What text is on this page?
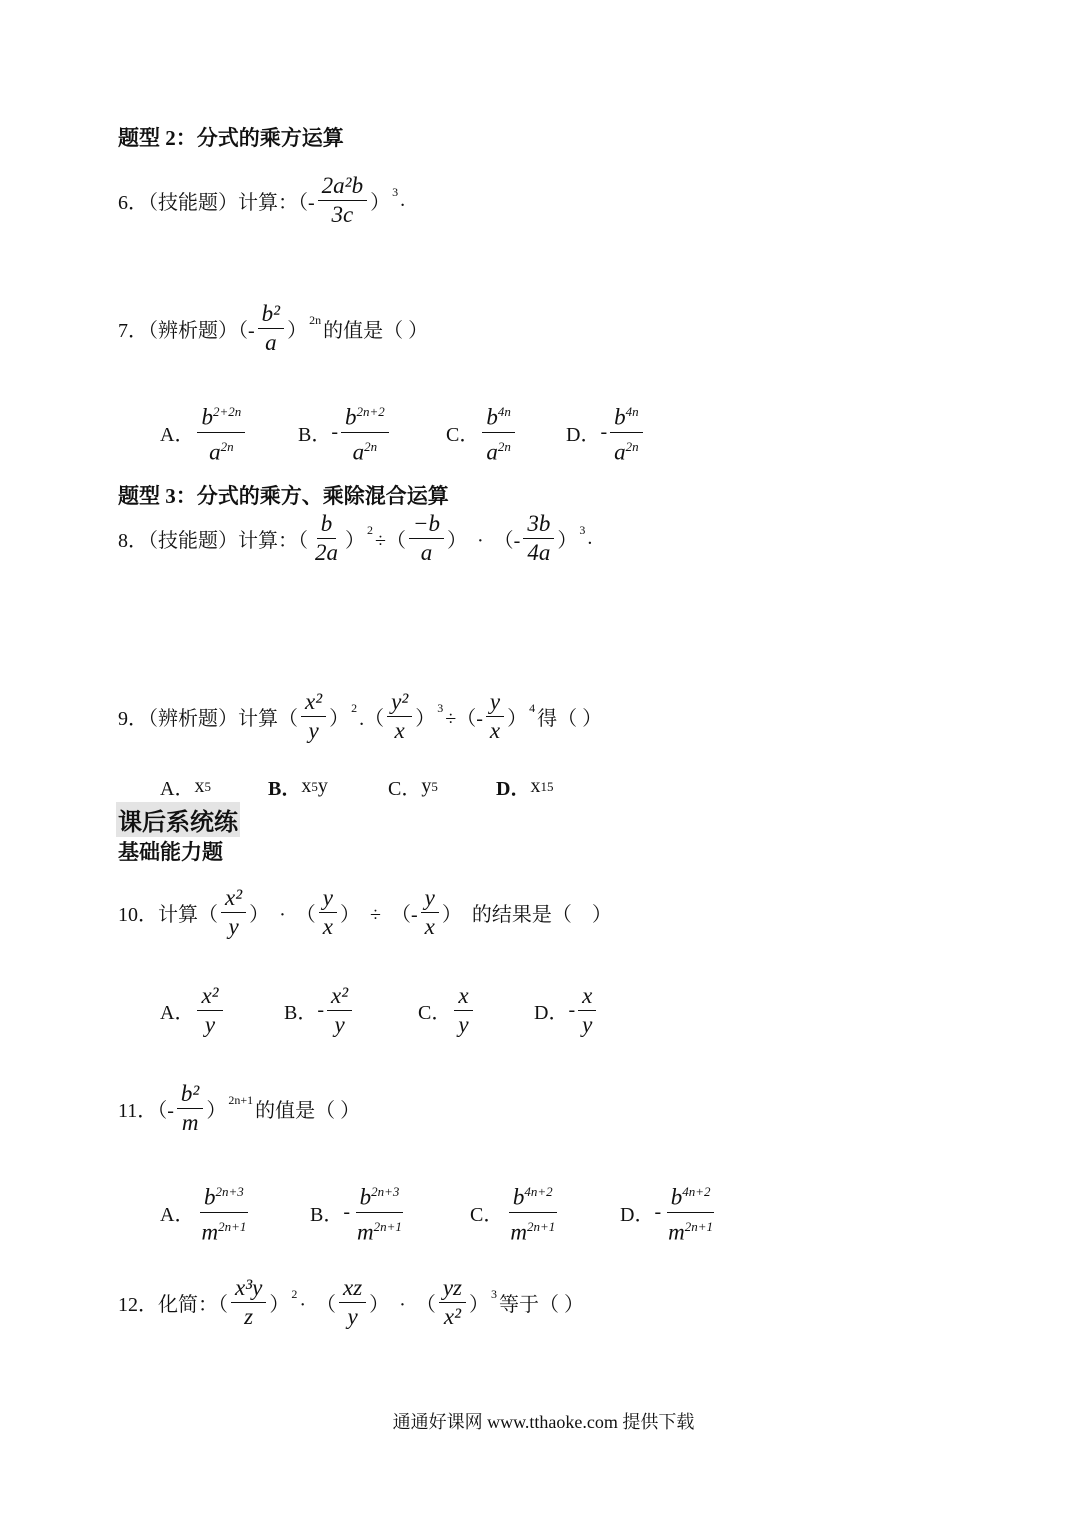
题型 2：分式的乘方运算
6．（技能题）计算：（- $\frac{\text{2a²b}}{3c}$ ） 3 .
7．（辨析题）（- $\frac{\text{b²}}{a}$ ） 2n 的值是（ ）
A． $\frac{b^{2+2n}}{a^{2n}}$	B． - $\frac{b^{2n+2}}{a^{2n}}$	C． $\frac{b^{4n}}{a^{2n}}$	D． - $\frac{b^{4n}}{a^{2n}}$
题型 3：分式的乘方、乘除混合运算
8．（技能题）计算：（ $\frac{b}{2a}$ ） 2 ÷（ $\frac{-b}{a}$ ）  ·  （- $\frac{3b}{4a}$ ） 3 .
9．（辨析题）计算（ $\frac{\text{x²}}{y}$ ） 2 .（ $\frac{\text{y²}}{x}$ ） 3 ÷（- $\frac{y}{x}$ ） 4 得（ ）
A． x 5	B． x 5 y	C． y 5	D． x 15
课后系统练
基础能力题
10．计算（ $\frac{\text{x²}}{y}$ ）  ·  （ $\frac{y}{x}$ ）  ÷  （- $\frac{y}{x}$ ）  的结果是（    ）
A． $\frac{\text{x²}}{y}$	B． - $\frac{\text{x²}}{y}$	C． $\frac{x}{y}$	D． - $\frac{x}{y}$
11．（- $\frac{\text{b²}}{m}$ ） 2n+1 的值是（ ）
A． $\frac{b^{2n+3}}{m^{2n+1}}$	B． - $\frac{b^{2n+3}}{m^{2n+1}}$	C． $\frac{b^{4n+2}}{m^{2n+1}}$	D． - $\frac{b^{4n+2}}{m^{2n+1}}$
12．化简：（ $\frac{\text{x³y}}{z}$ ） 2 ·  （ $\frac{xz}{y}$ ）  ·  （ $\frac{yz}{\text{x²}}$ ） 3 等于（ ）
通通好课网 www.tthaoke.com 提供下载
